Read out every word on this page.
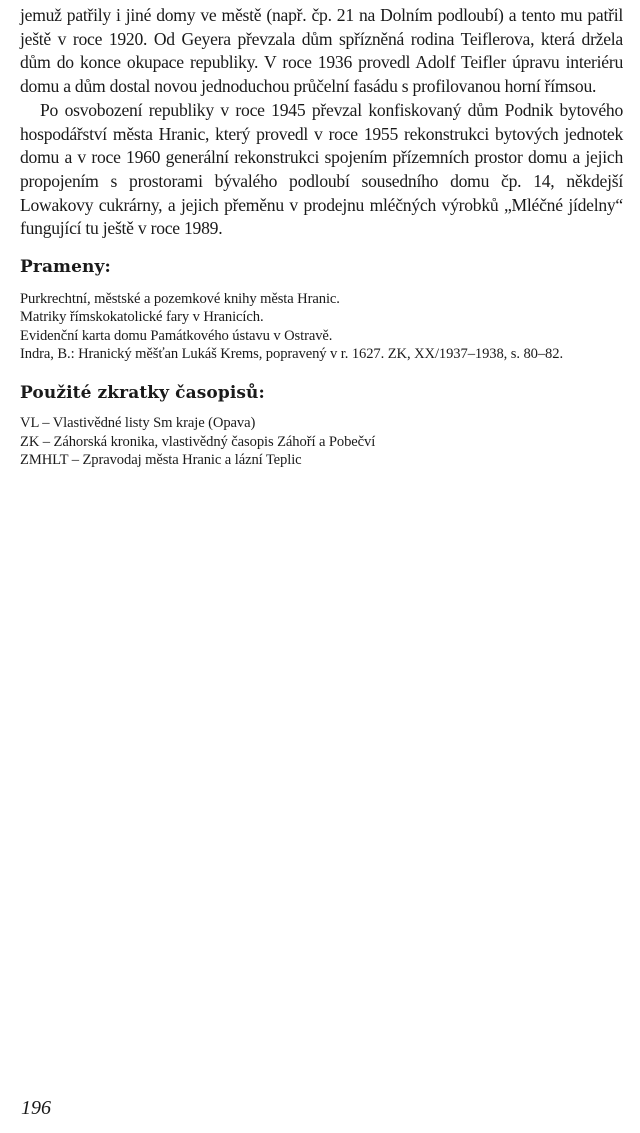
jemuž patřily i jiné domy ve městě (např. čp. 21 na Dolním podloubí) a tento mu patřil ještě v roce 1920. Od Geyera převzala dům spřízněná rodina Teiflerova, která držela dům do konce okupace republiky. V roce 1936 provedl Adolf Teifler úpravu interiéru domu a dům dostal novou jednoduchou průčelní fasádu s profilovanou horní římsou.

Po osvobození republiky v roce 1945 převzal konfiskovaný dům Podnik bytového hospodářství města Hranic, který provedl v roce 1955 rekonstrukci bytových jednotek domu a v roce 1960 generální rekonstrukci spojením přízemních prostor domu a jejich propojením s prostorami bývalého podloubí sousedního domu čp. 14, někdejší Lowakovy cukrárny, a jejich přeměnu v prodejnu mléčných výrobků „Mléčné jídelny“ fungující tu ještě v roce 1989.

Prameny:
Purkrechtní, městské a pozemkové knihy města Hranic.
Matriky římskokatolické fary v Hranicích.
Evidenční karta domu Památkového ústavu v Ostravě.
Indra, B.: Hranický měšťan Lukáš Krems, popravený v r. 1627. ZK, XX/1937–1938, s. 80–82.
Použité zkratky časopisů:
VL – Vlastivědné listy Sm kraje (Opava)
ZK – Záhorská kronika, vlastivědný časopis Záhoří a Pobečví
ZMHLT – Zpravodaj města Hranic a lázní Teplic

196
